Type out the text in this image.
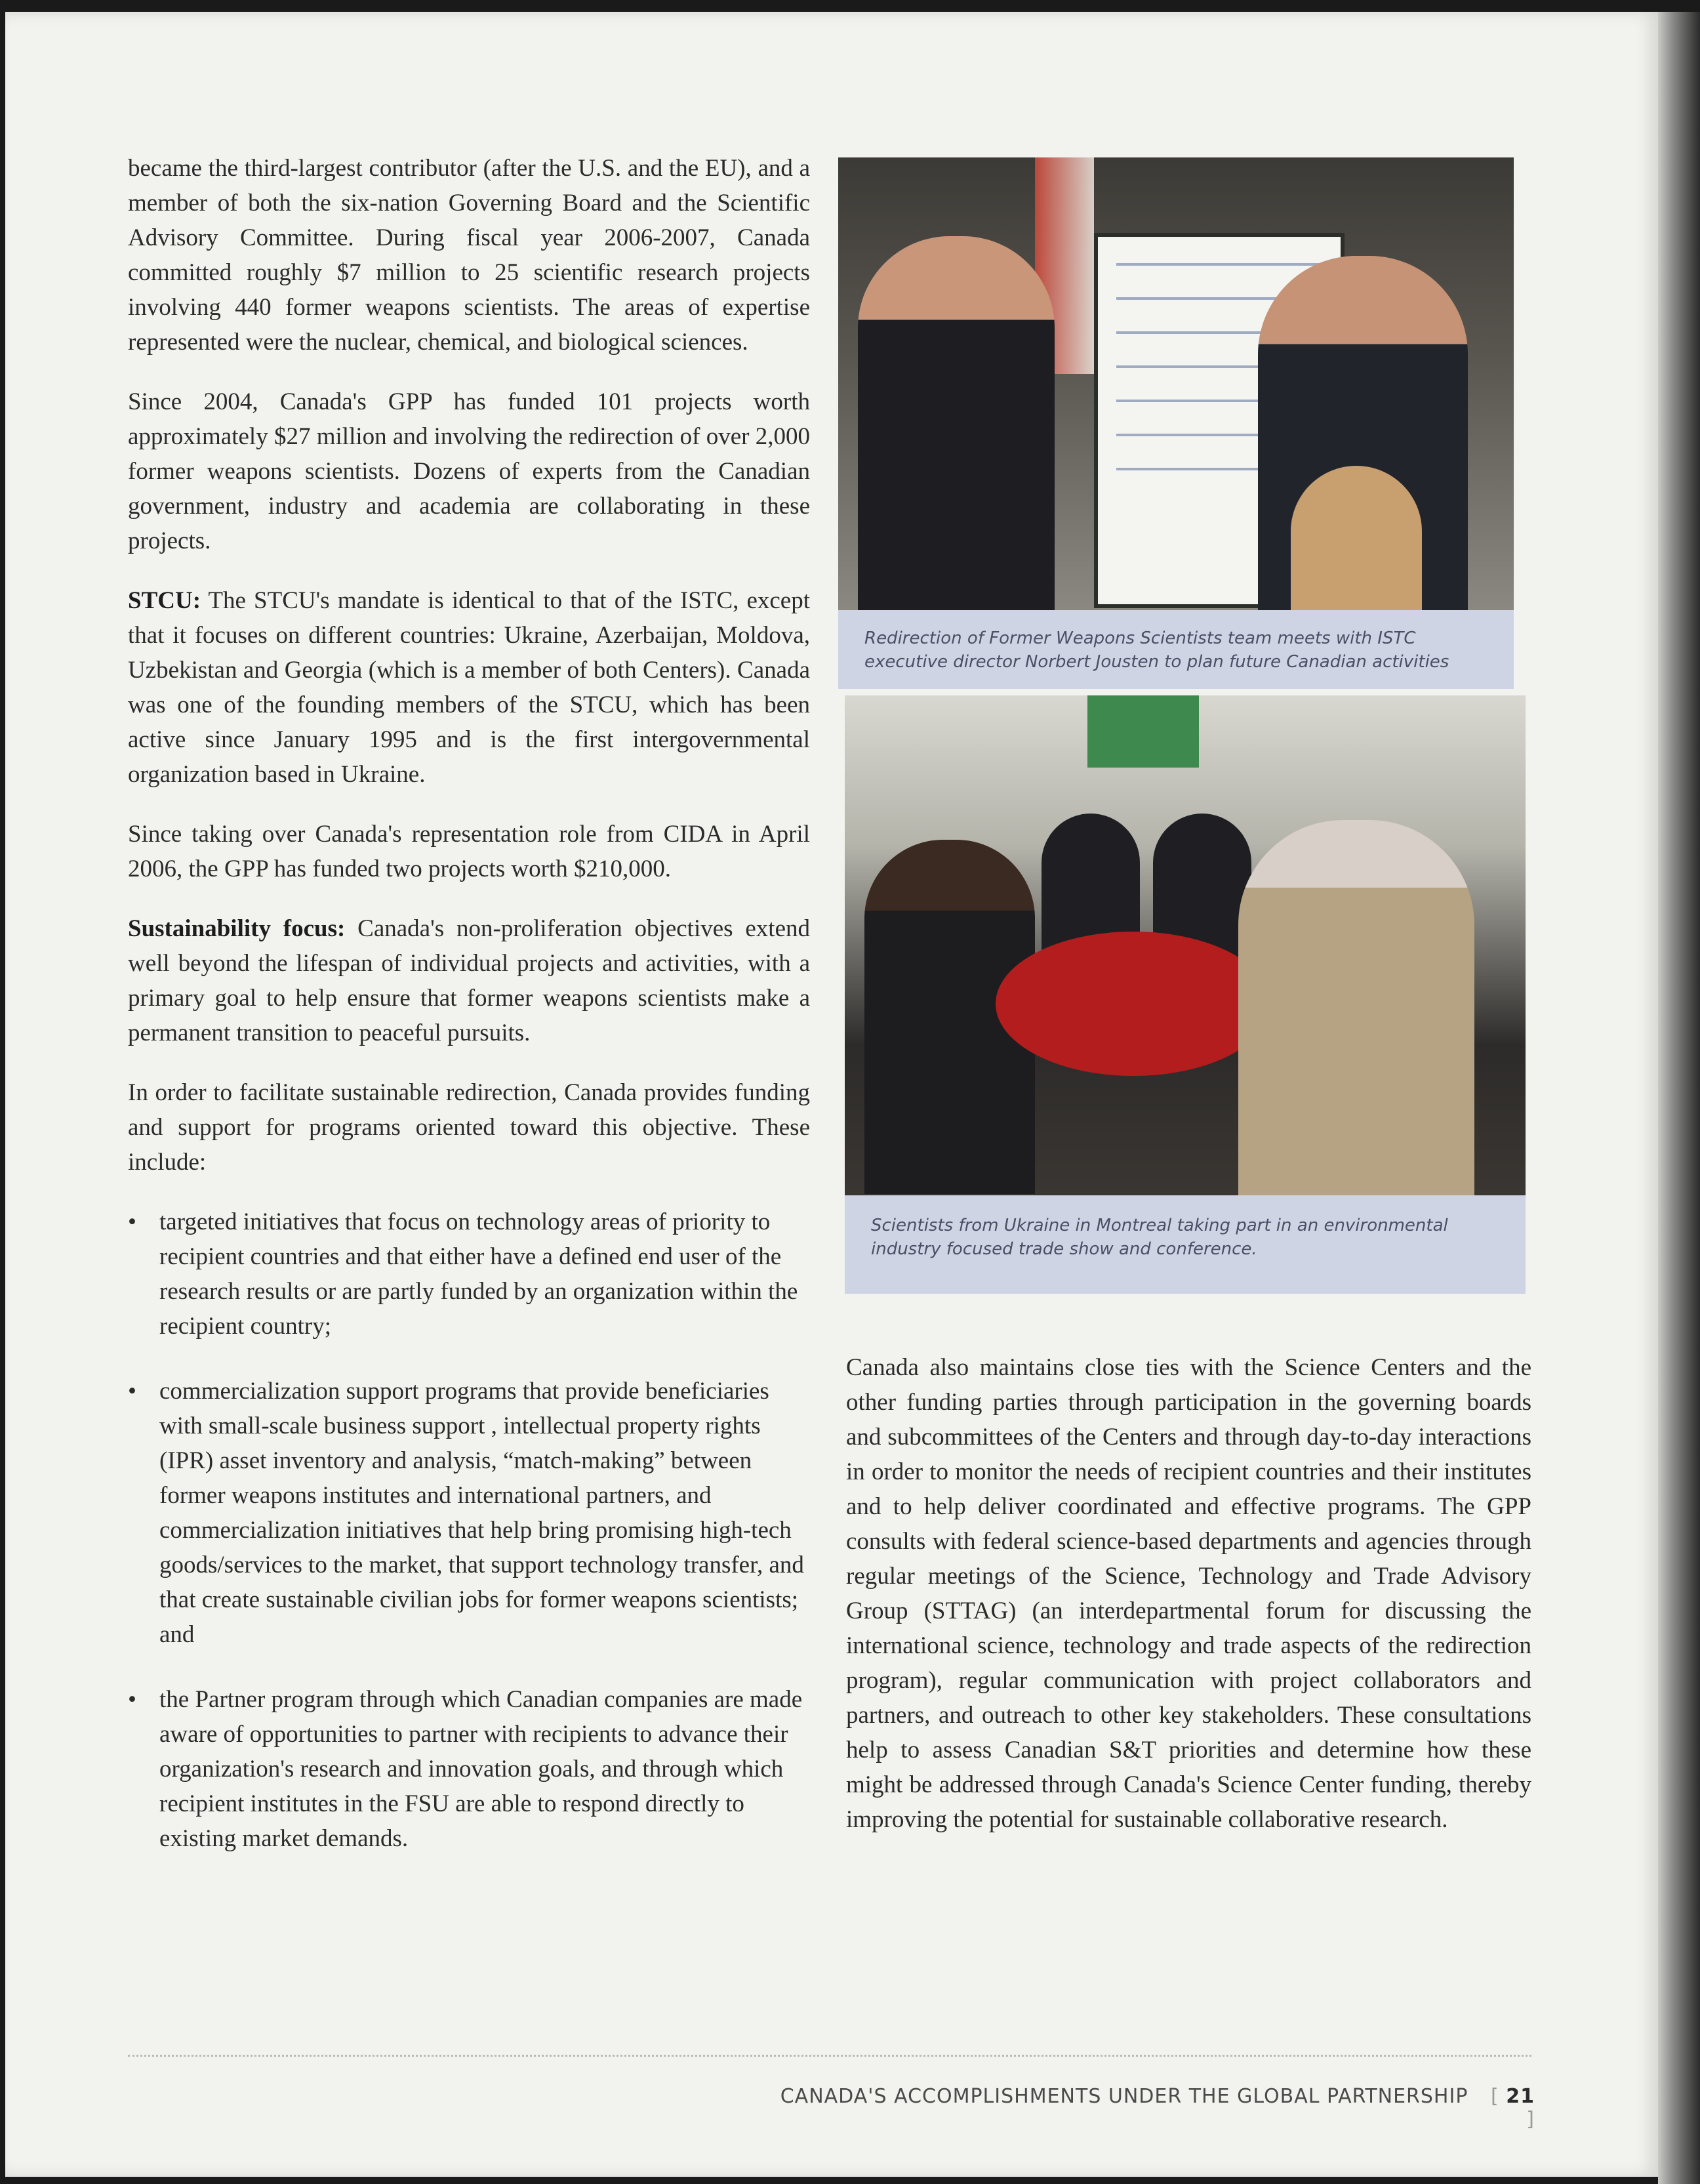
became the third-largest contributor (after the U.S. and the EU), and a member of both the six-nation Governing Board and the Scientific Advisory Committee. During fiscal year 2006-2007, Canada committed roughly $7 million to 25 scientific research projects involving 440 former weapons scientists. The areas of expertise represented were the nuclear, chemical, and biological sciences.

Since 2004, Canada's GPP has funded 101 projects worth approximately $27 million and involving the redirection of over 2,000 former weapons scientists. Dozens of experts from the Canadian government, industry and academia are collaborating in these projects.

STCU: The STCU's mandate is identical to that of the ISTC, except that it focuses on different countries: Ukraine, Azerbaijan, Moldova, Uzbekistan and Georgia (which is a member of both Centers). Canada was one of the founding members of the STCU, which has been active since January 1995 and is the first intergovernmental organization based in Ukraine.

Since taking over Canada's representation role from CIDA in April 2006, the GPP has funded two projects worth $210,000.

Sustainability focus: Canada's non-proliferation objectives extend well beyond the lifespan of individual projects and activities, with a primary goal to help ensure that former weapons scientists make a permanent transition to peaceful pursuits.

In order to facilitate sustainable redirection, Canada provides funding and support for programs oriented toward this objective. These include:

• targeted initiatives that focus on technology areas of priority to recipient countries and that either have a defined end user of the research results or are partly funded by an organization within the recipient country;
• commercialization support programs that provide beneficiaries with small-scale business support , intellectual property rights (IPR) asset inventory and analysis, “match-making” between former weapons institutes and international partners, and commercialization initiatives that help bring promising high-tech goods/services to the market, that support technology transfer, and that create sustainable civilian jobs for former weapons scientists; and
• the Partner program through which Canadian companies are made aware of opportunities to partner with recipients to advance their organization's research and innovation goals, and through which recipient institutes in the FSU are able to respond directly to existing market demands.
Redirection of Former Weapons Scientists team meets with ISTC executive director Norbert Jousten to plan future Canadian activities
Scientists from Ukraine in Montreal taking part in an environmental industry focused trade show and conference.

Canada also maintains close ties with the Science Centers and the other funding parties through participation in the governing boards and subcommittees of the Centers and through day-to-day interactions in order to monitor the needs of recipient countries and their institutes and to help deliver coordinated and effective programs. The GPP consults with federal science-based departments and agencies through regular meetings of the Science, Technology and Trade Advisory Group (STTAG) (an interdepartmental forum for discussing the international science, technology and trade aspects of the redirection program), regular communication with project collaborators and partners, and outreach to other key stakeholders. These consultations help to assess Canadian S&T priorities and determine how these might be addressed through Canada's Science Center funding, thereby improving the potential for sustainable collaborative research.

CANADA'S ACCOMPLISHMENTS UNDER THE GLOBAL PARTNERSHIP [ 21 ]
